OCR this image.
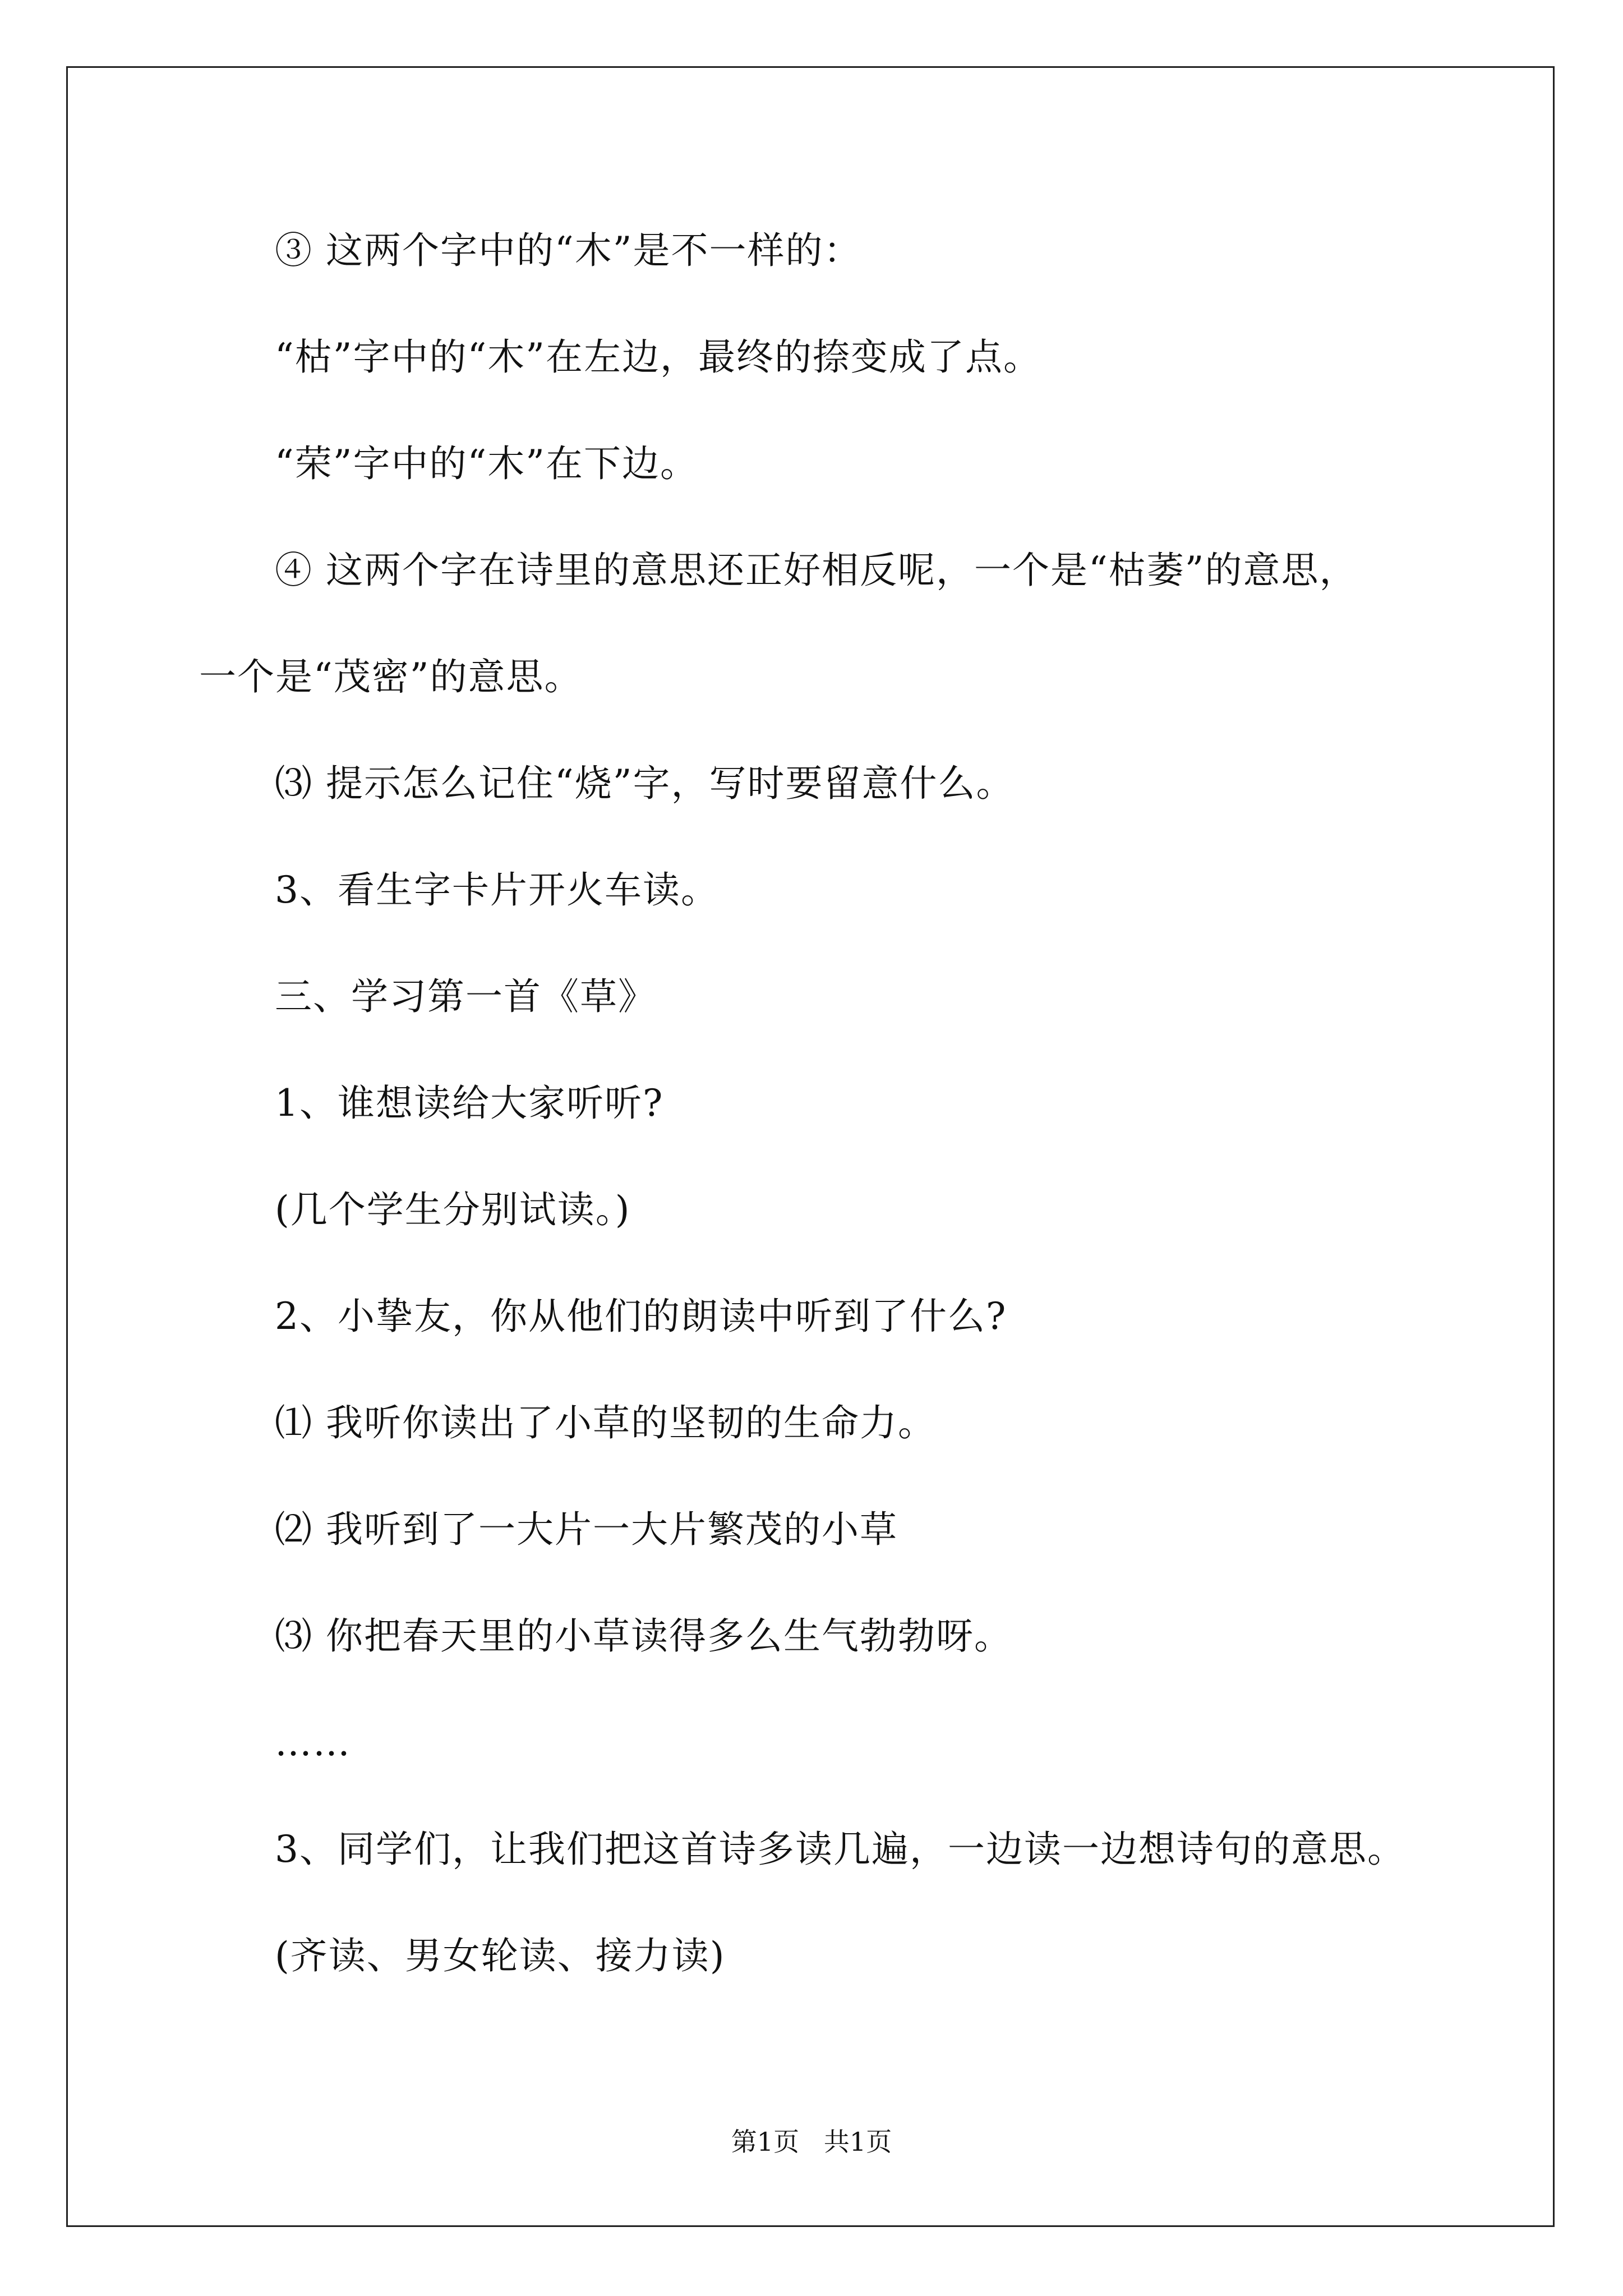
③ 这两个字中的“木”是不一样的：
“枯”字中的“木”在左边，最终的捺变成了点。
“荣”字中的“木”在下边。
④ 这两个字在诗里的意思还正好相反呢，一个是“枯萎”的意思，
一个是“茂密”的意思。
⑶ 提示怎么记住“烧”字，写时要留意什么。
3、看生字卡片开火车读。
三、学习第一首《草》
1、谁想读给大家听听?
(几个学生分别试读。)
2、小挚友，你从他们的朗读中听到了什么?
⑴ 我听你读出了小草的坚韧的生命力。
⑵ 我听到了一大片一大片繁茂的小草
⑶ 你把春天里的小草读得多么生气勃勃呀。
……
3、同学们，让我们把这首诗多读几遍，一边读一边想诗句的意思。
(齐读、男女轮读、接力读)
第1页   共1页
